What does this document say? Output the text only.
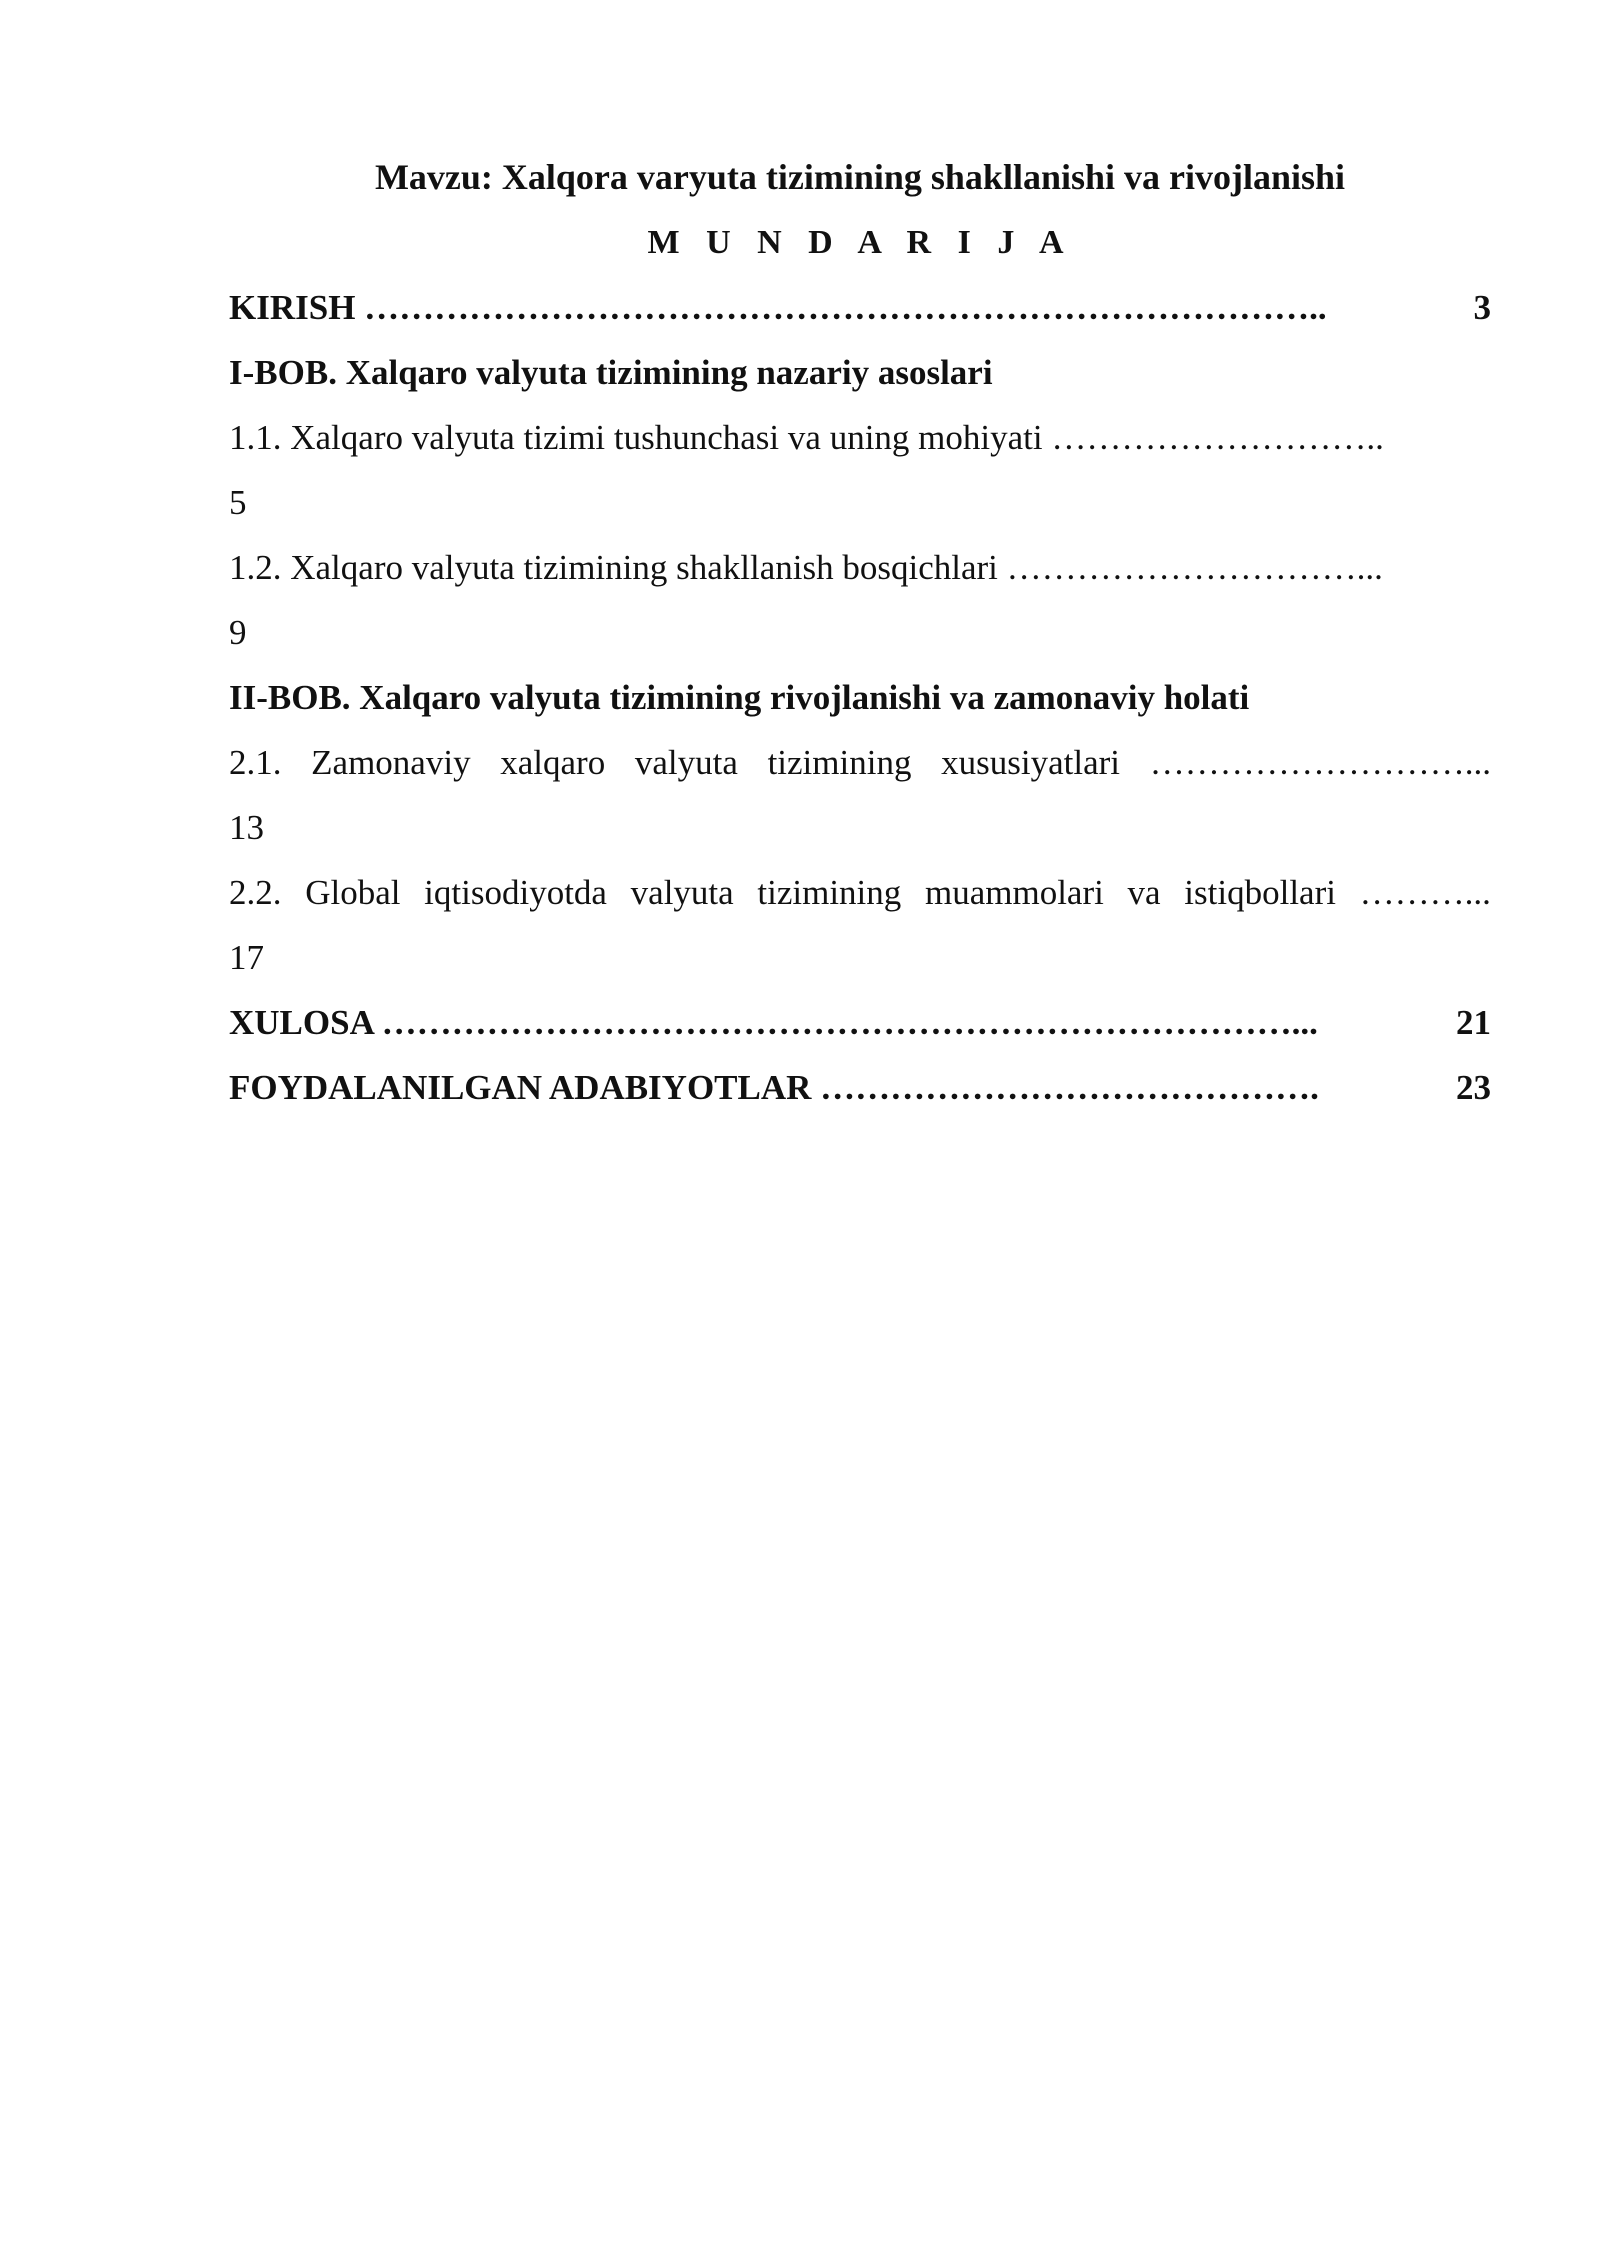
Mavzu: Xalqora varyuta tizimining shakllanishi va rivojlanishi
M U N D A R I J A
KIRISH ………………………………………………………………………..	3
I-BOB. Xalqaro valyuta tizimining nazariy asoslari
1.1. Xalqaro valyuta tizimi tushunchasi va uning mohiyati ………………………..
5
1.2. Xalqaro valyuta tizimining shakllanish bosqichlari …………………………...
9
II-BOB. Xalqaro valyuta tizimining rivojlanishi va zamonaviy holati
2.1. Zamonaviy xalqaro valyuta tizimining xususiyatlari ………………………...
13
2.2. Global iqtisodiyotda valyuta tizimining muammolari va istiqbollari ………...
17
XULOSA ……………………………………………………………………...	21
FOYDALANILGAN ADABIYOTLAR …………………………………….	23
